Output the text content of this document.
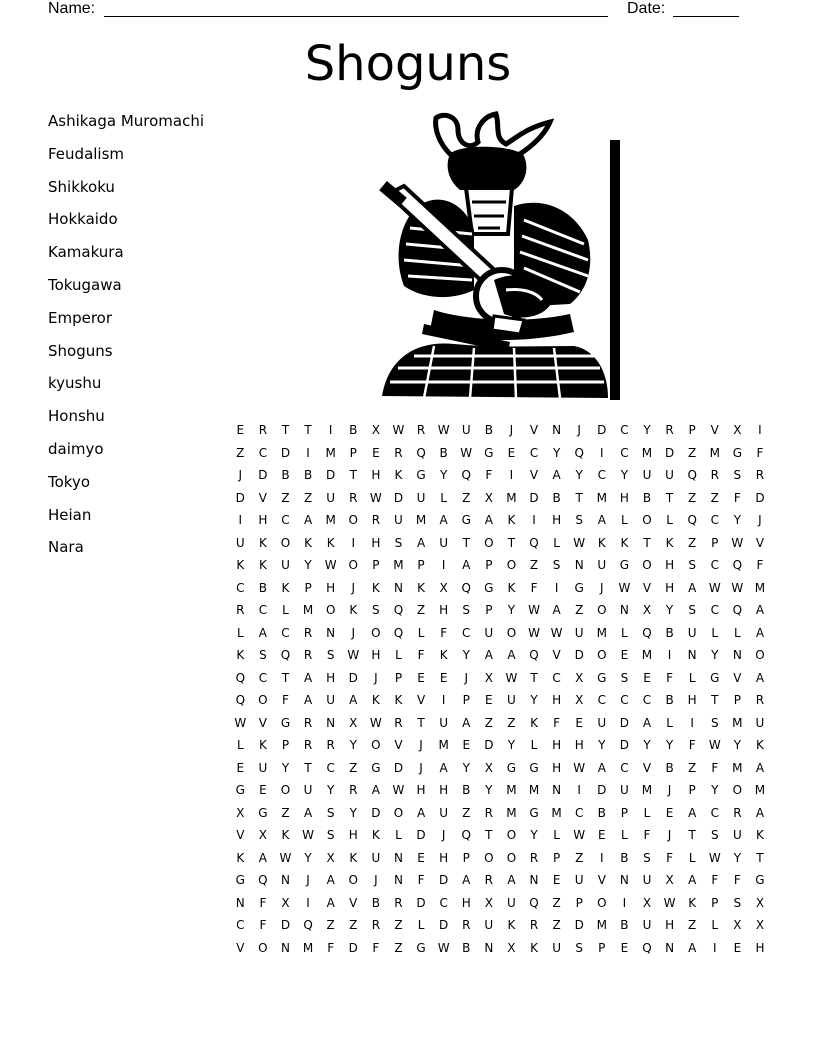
Name:	Date:
Shoguns
Ashikaga Muromachi
Feudalism
Shikkoku
Hokkaido
Kamakura
Tokugawa
Emperor
Shoguns
kyushu
Honshu
daimyo
Tokyo
Heian
Nara
E	R	T	T	I	B	X	W	R	W	U	B	J	V	N	J	D	C	Y	R	P	V	X	I
Z	C	D	I	M	P	E	R	Q	B	W	G	E	C	Y	Q	I	C	M	D	Z	M	G	F
J	D	B	B	D	T	H	K	G	Y	Q	F	I	V	A	Y	C	Y	U	U	Q	R	S	R
D	V	Z	Z	U	R	W	D	U	L	Z	X	M	D	B	T	M	H	B	T	Z	Z	F	D
I	H	C	A	M	O	R	U	M	A	G	A	K	I	H	S	A	L	O	L	Q	C	Y	J
U	K	O	K	K	I	H	S	A	U	T	O	T	Q	L	W	K	K	T	K	Z	P	W	V
K	K	U	Y	W	O	P	M	P	I	A	P	O	Z	S	N	U	G	O	H	S	C	Q	F
C	B	K	P	H	J	K	N	K	X	Q	G	K	F	I	G	J	W	V	H	A	W	W	M
R	C	L	M	O	K	S	Q	Z	H	S	P	Y	W	A	Z	O	N	X	Y	S	C	Q	A
L	A	C	R	N	J	O	Q	L	F	C	U	O	W	W	U	M	L	Q	B	U	L	L	A
K	S	Q	R	S	W	H	L	F	K	Y	A	A	Q	V	D	O	E	M	I	N	Y	N	O
Q	C	T	A	H	D	J	P	E	E	J	X	W	T	C	X	G	S	E	F	L	G	V	A
Q	O	F	A	U	A	K	K	V	I	P	E	U	Y	H	X	C	C	C	B	H	T	P	R
W	V	G	R	N	X	W	R	T	U	A	Z	Z	K	F	E	U	D	A	L	I	S	M	U
L	K	P	R	R	Y	O	V	J	M	E	D	Y	L	H	H	Y	D	Y	Y	F	W	Y	K
E	U	Y	T	C	Z	G	D	J	A	Y	X	G	G	H	W	A	C	V	B	Z	F	M	A
G	E	O	U	Y	R	A	W	H	H	B	Y	M	M	N	I	D	U	M	J	P	Y	O	M
X	G	Z	A	S	Y	D	O	A	U	Z	R	M	G	M	C	B	P	L	E	A	C	R	A
V	X	K	W	S	H	K	L	D	J	Q	T	O	Y	L	W	E	L	F	J	T	S	U	K
K	A	W	Y	X	K	U	N	E	H	P	O	O	R	P	Z	I	B	S	F	L	W	Y	T
G	Q	N	J	A	O	J	N	F	D	A	R	A	N	E	U	V	N	U	X	A	F	F	G
N	F	X	I	A	V	B	R	D	C	H	X	U	Q	Z	P	O	I	X	W	K	P	S	X
C	F	D	Q	Z	Z	R	Z	L	D	R	U	K	R	Z	D	M	B	U	H	Z	L	X	X
V	O	N	M	F	D	F	Z	G	W	B	N	X	K	U	S	P	E	Q	N	A	I	E	H
